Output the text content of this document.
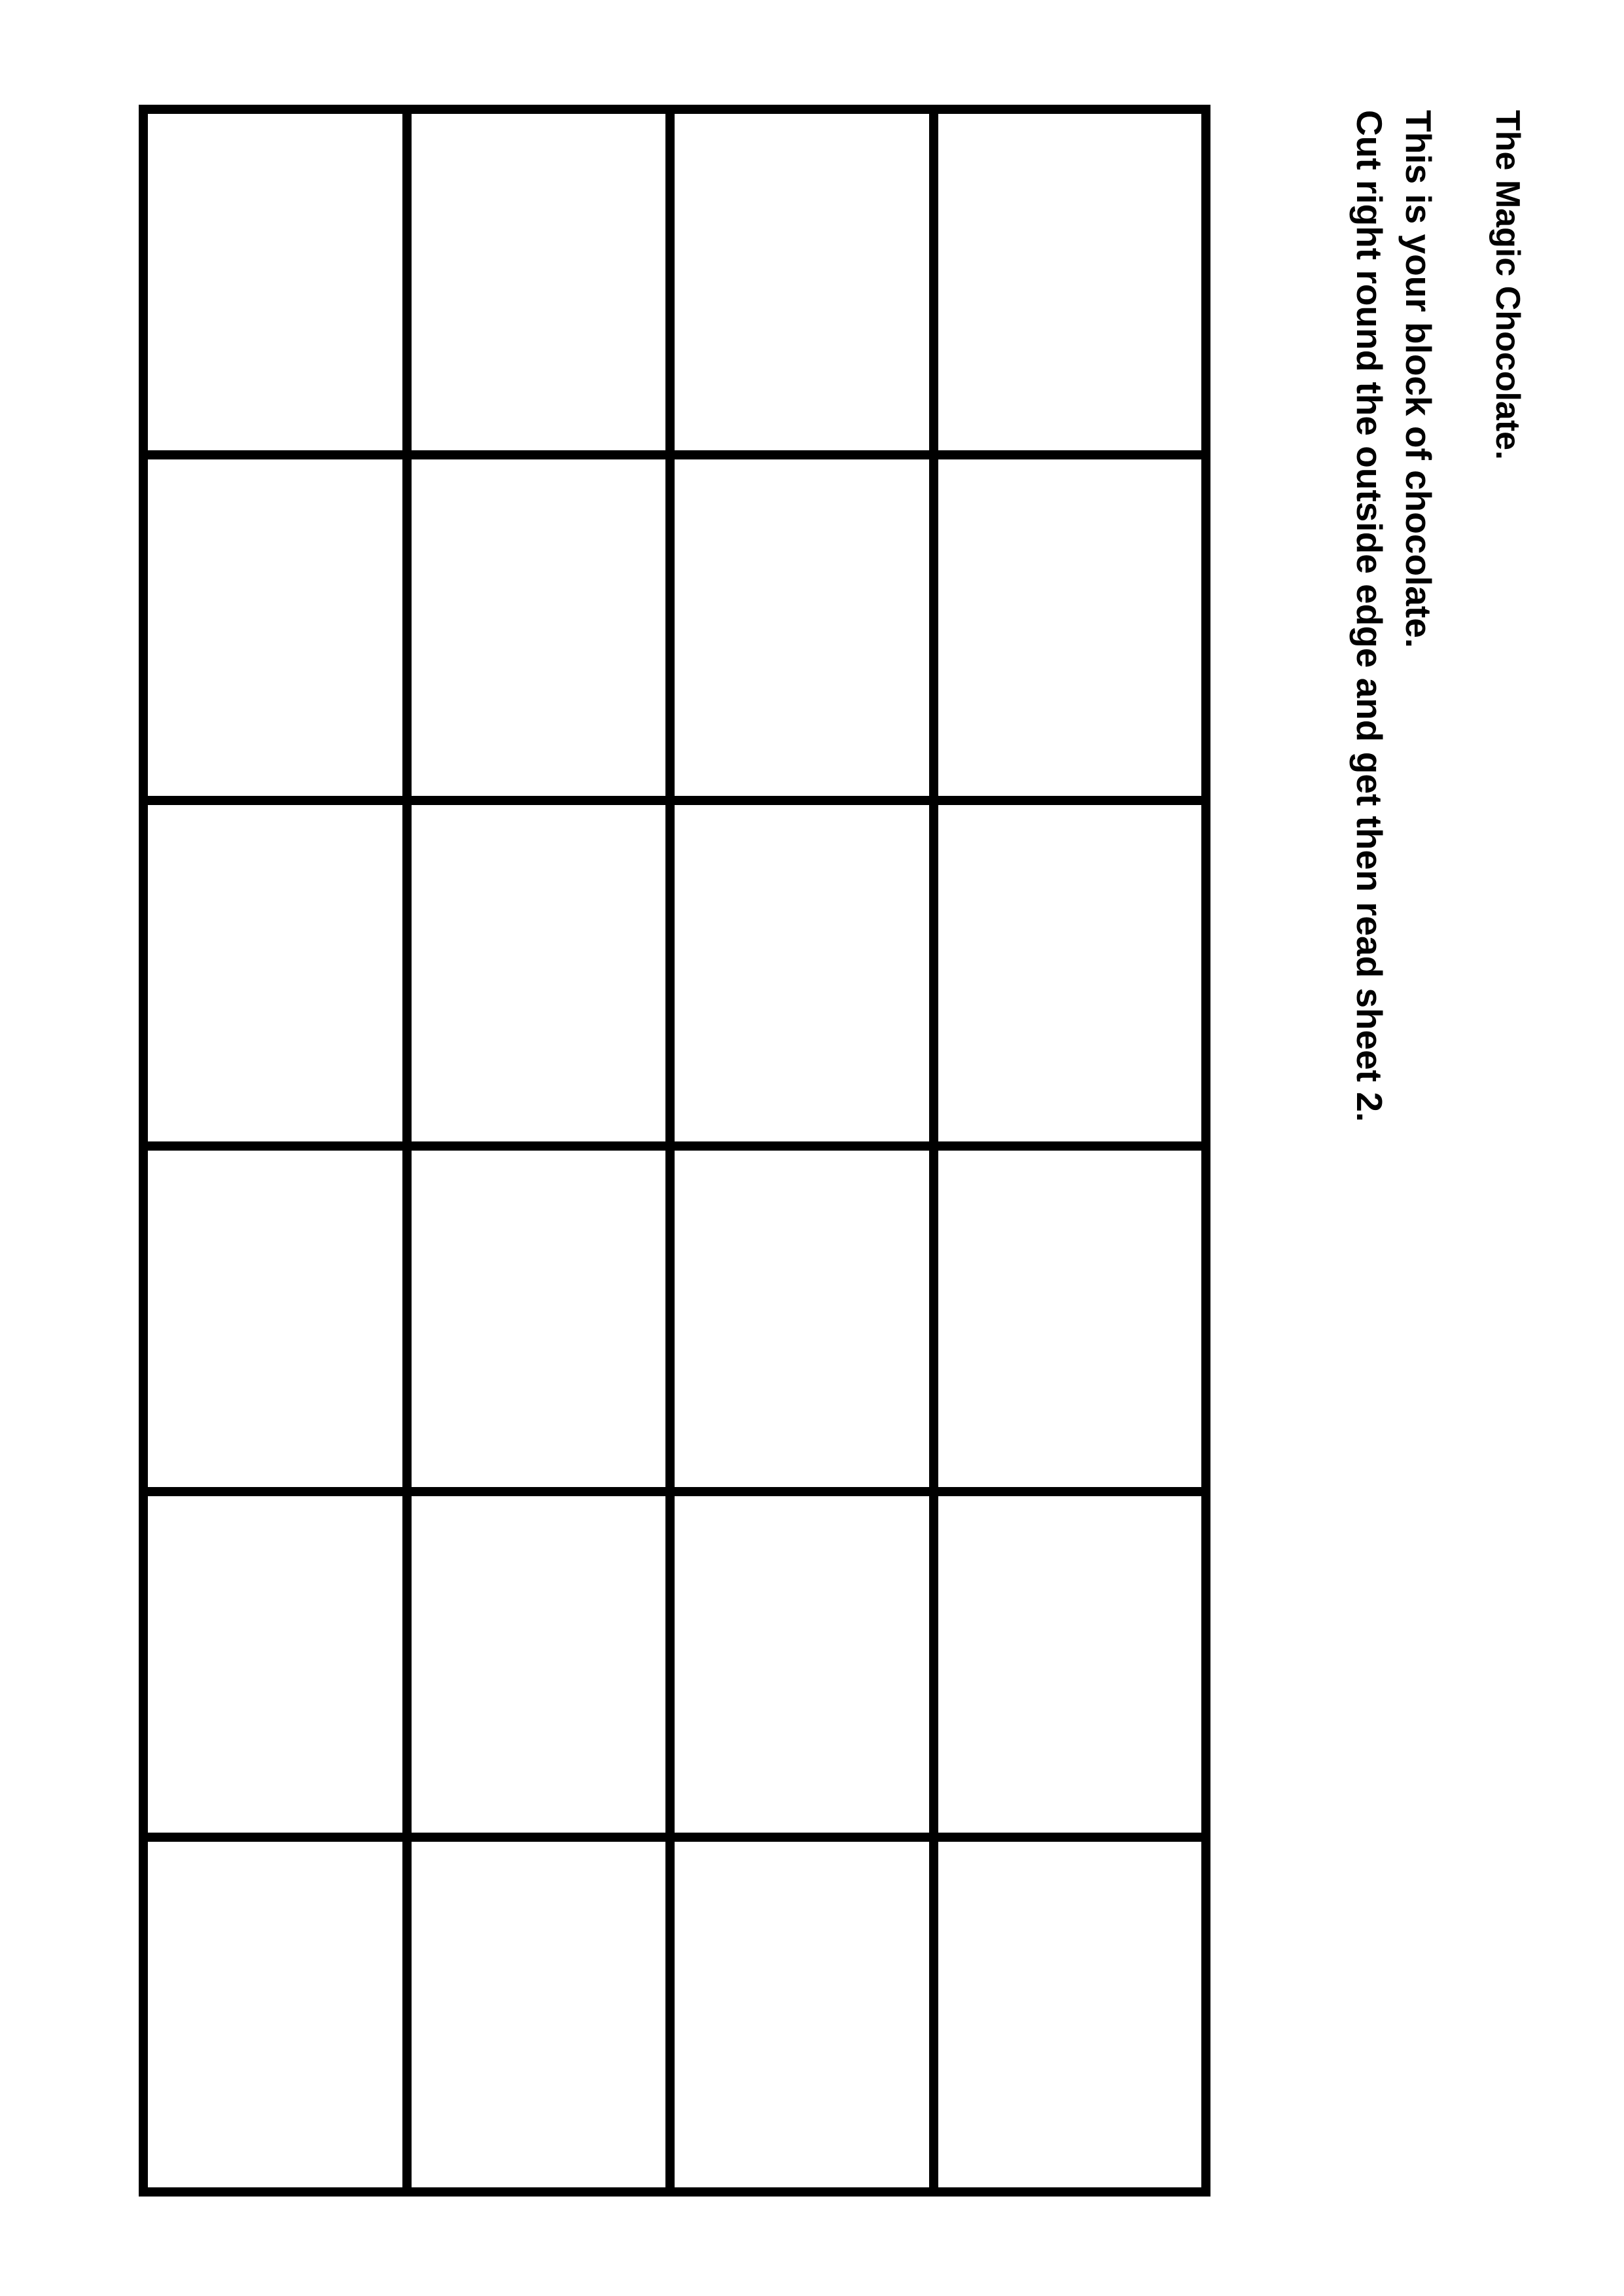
The Magic Chocolate.
This is your block of chocolate.
Cut right round the outside edge and get then read sheet 2.
